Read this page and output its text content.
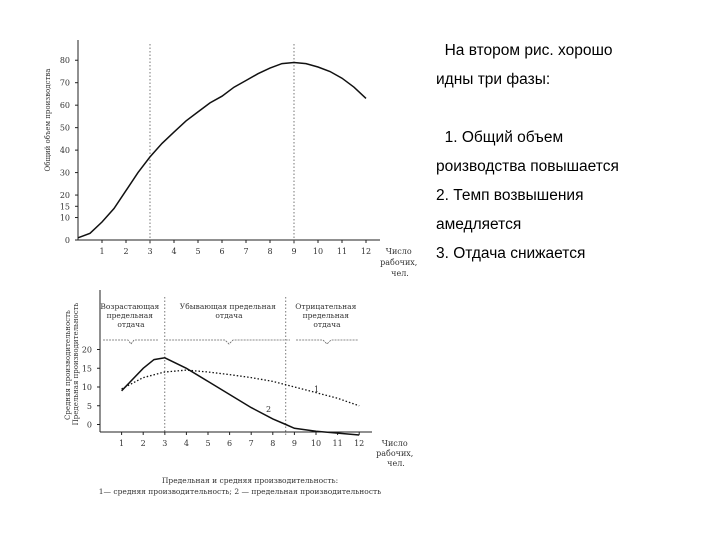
Общий объем производства
0
10
15
20
30
40
50
60
70
80
1 2 3 4 5 6 7 8 9 10 11 12	Число рабочих, чел.
Средняя производительность Предельная производительность 0
5
10
15
20
1 2 3 4 5 6 7 8 9 10 11 12
Возрастающая предельная отдача
Убывающая предельная отдача
Отрицательная предельная отдача
1
2
Число рабочих, чел.
Предельная и средняя производительность:
1— средняя производительность; 2 — предельная производительность
На втором рис. хорошо
идны три фазы:
1. Общий объем
роизводства повышается
2. Темп возвышения
амедляется
3. Отдача снижается
